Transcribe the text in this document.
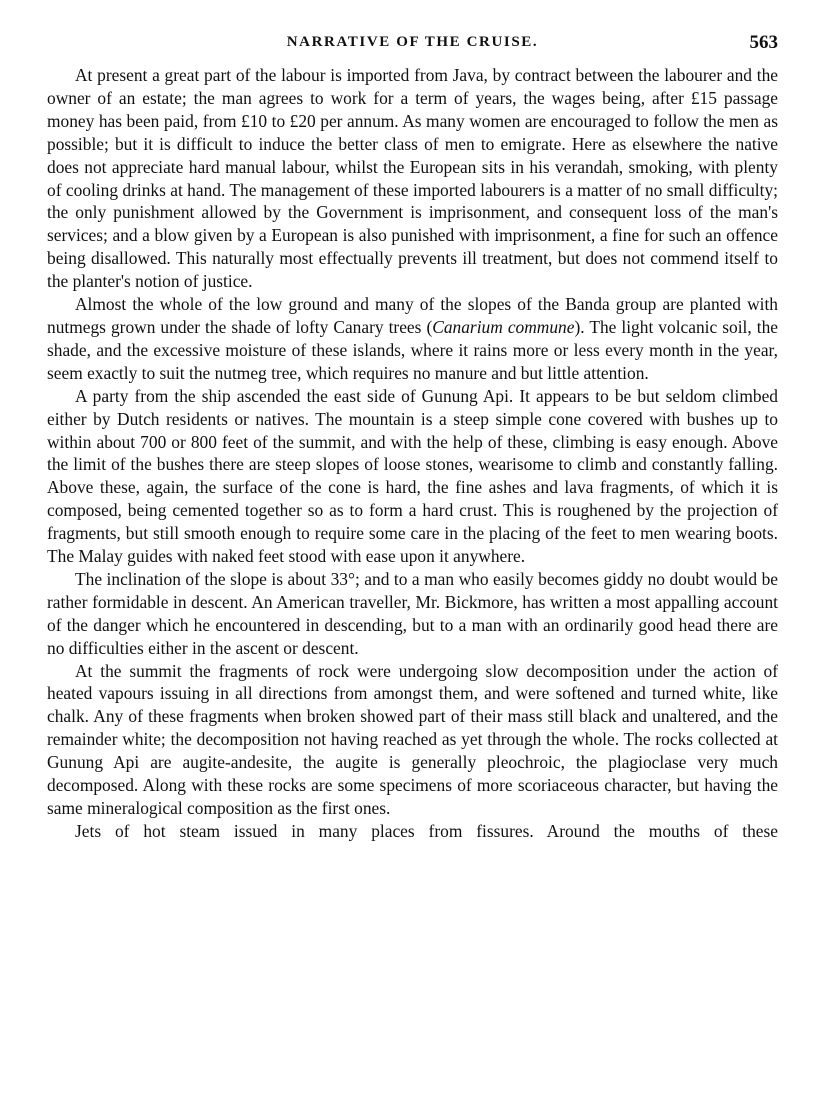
NARRATIVE OF THE CRUISE.	563

At present a great part of the labour is imported from Java, by contract between the labourer and the owner of an estate; the man agrees to work for a term of years, the wages being, after £15 passage money has been paid, from £10 to £20 per annum. As many women are encouraged to follow the men as possible; but it is difficult to induce the better class of men to emigrate. Here as elsewhere the native does not appreciate hard manual labour, whilst the European sits in his verandah, smoking, with plenty of cooling drinks at hand. The management of these imported labourers is a matter of no small difficulty; the only punishment allowed by the Government is imprisonment, and consequent loss of the man's services; and a blow given by a European is also punished with imprisonment, a fine for such an offence being disallowed. This naturally most effectually prevents ill treatment, but does not commend itself to the planter's notion of justice.

Almost the whole of the low ground and many of the slopes of the Banda group are planted with nutmegs grown under the shade of lofty Canary trees (Canarium commune). The light volcanic soil, the shade, and the excessive moisture of these islands, where it rains more or less every month in the year, seem exactly to suit the nutmeg tree, which requires no manure and but little attention.

A party from the ship ascended the east side of Gunung Api. It appears to be but seldom climbed either by Dutch residents or natives. The mountain is a steep simple cone covered with bushes up to within about 700 or 800 feet of the summit, and with the help of these, climbing is easy enough. Above the limit of the bushes there are steep slopes of loose stones, wearisome to climb and constantly falling. Above these, again, the surface of the cone is hard, the fine ashes and lava fragments, of which it is composed, being cemented together so as to form a hard crust. This is roughened by the projection of fragments, but still smooth enough to require some care in the placing of the feet to men wearing boots. The Malay guides with naked feet stood with ease upon it anywhere.

The inclination of the slope is about 33°; and to a man who easily becomes giddy no doubt would be rather formidable in descent. An American traveller, Mr. Bickmore, has written a most appalling account of the danger which he encountered in descending, but to a man with an ordinarily good head there are no difficulties either in the ascent or descent.

At the summit the fragments of rock were undergoing slow decomposition under the action of heated vapours issuing in all directions from amongst them, and were softened and turned white, like chalk. Any of these fragments when broken showed part of their mass still black and unaltered, and the remainder white; the decomposition not having reached as yet through the whole. The rocks collected at Gunung Api are augite-andesite, the augite is generally pleochroic, the plagioclase very much decomposed. Along with these rocks are some specimens of more scoriaceous character, but having the same mineralogical composition as the first ones.

Jets of hot steam issued in many places from fissures. Around the mouths of these
